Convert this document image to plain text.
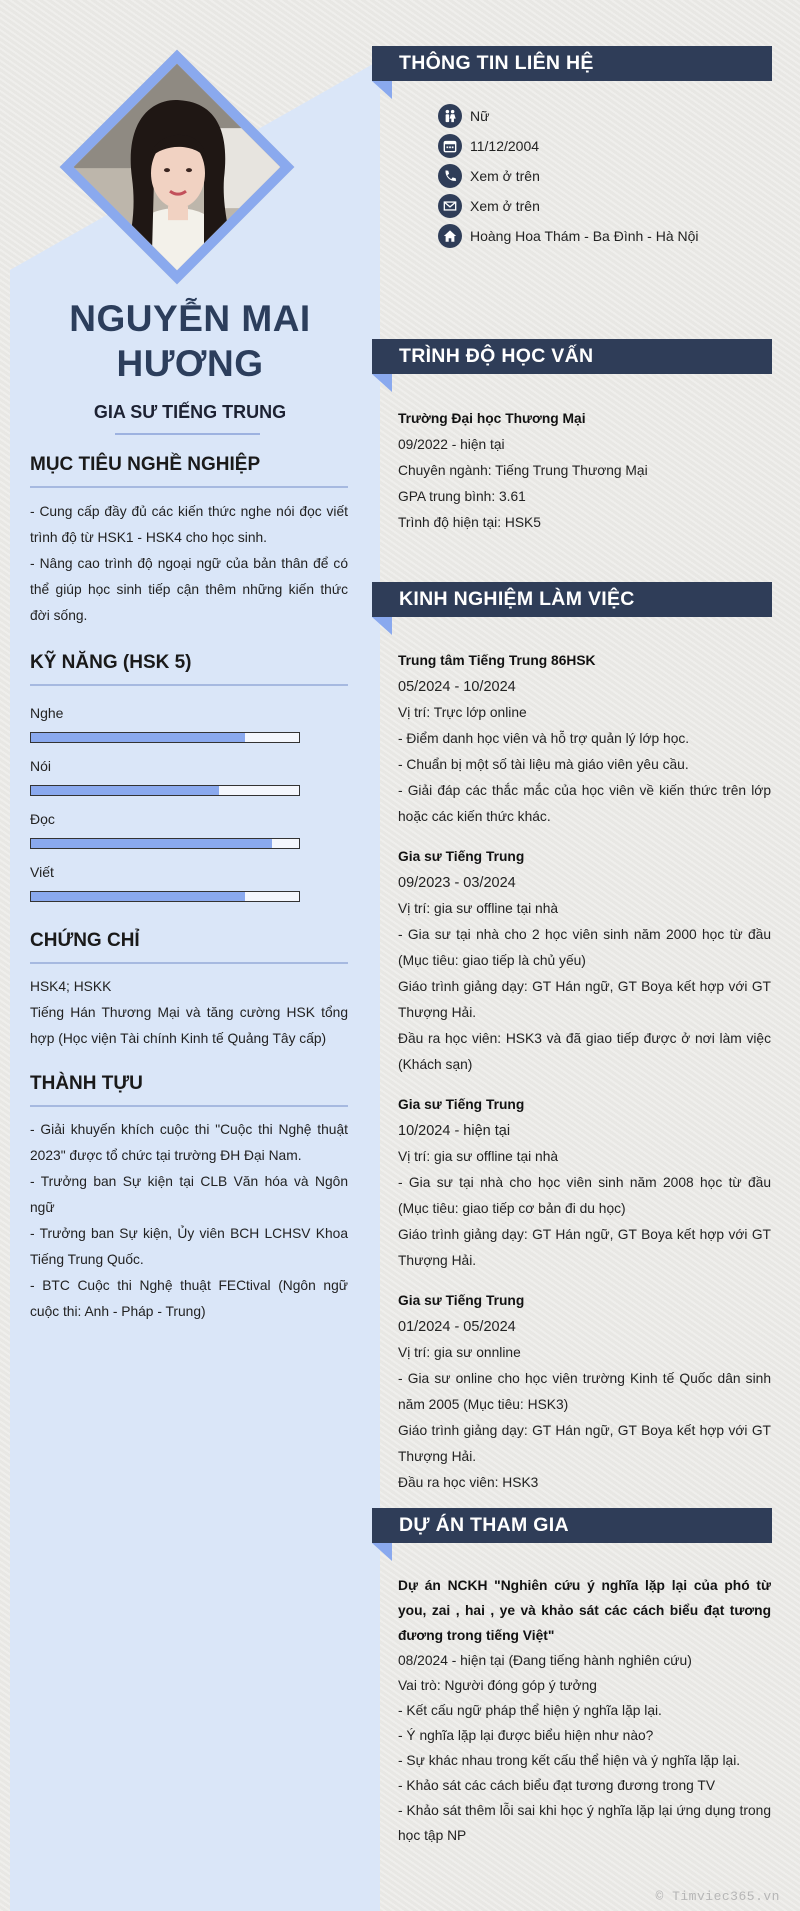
NGUYỄN MAI HƯƠNG
GIA SƯ TIẾNG TRUNG
MỤC TIÊU NGHỀ NGHIỆP

- Cung cấp đầy đủ các kiến thức nghe nói đọc viết trình độ từ HSK1 - HSK4 cho học sinh.

- Nâng cao trình độ ngoại ngữ của bản thân để có thể giúp học sinh tiếp cận thêm những kiến thức đời sống.

KỸ NĂNG (HSK 5)
Nghe
Nói
Đọc
Viết
CHỨNG CHỈ

HSK4; HSKK

Tiếng Hán Thương Mại và tăng cường HSK tổng hợp (Học viện Tài chính Kinh tế Quảng Tây cấp)

THÀNH TỰU

- Giải khuyến khích cuộc thi "Cuộc thi Nghệ thuật 2023" được tổ chức tại trường ĐH Đại Nam.

- Trưởng ban Sự kiện tại CLB Văn hóa và Ngôn ngữ

- Trưởng ban Sự kiện, Ủy viên BCH LCHSV Khoa Tiếng Trung Quốc.

- BTC Cuộc thi Nghệ thuật FECtival (Ngôn ngữ cuộc thi: Anh - Pháp - Trung)

THÔNG TIN LIÊN HỆ
Nữ
11/12/2004
Xem ở trên
Xem ở trên
Hoàng Hoa Thám - Ba Đình - Hà Nội
TRÌNH ĐỘ HỌC VẤN
Trường Đại học Thương Mại
09/2022 - hiện tại
Chuyên ngành: Tiếng Trung Thương Mại
GPA trung bình: 3.61
Trình độ hiện tại: HSK5
KINH NGHIỆM LÀM VIỆC
Trung tâm Tiếng Trung 86HSK
05/2024 - 10/2024
Vị trí: Trực lớp online
- Điểm danh học viên và hỗ trợ quản lý lớp học.
- Chuẩn bị một số tài liệu mà giáo viên yêu cầu.
- Giải đáp các thắc mắc của học viên về kiến thức trên lớp hoặc các kiến thức khác.
Gia sư Tiếng Trung
09/2023 - 03/2024
Vị trí: gia sư offline tại nhà
- Gia sư tại nhà cho 2 học viên sinh năm 2000 học từ đầu (Mục tiêu: giao tiếp là chủ yếu)
Giáo trình giảng dạy: GT Hán ngữ, GT Boya kết hợp với GT Thượng Hải.
Đầu ra học viên: HSK3 và đã giao tiếp được ở nơi làm việc (Khách sạn)
Gia sư Tiếng Trung
10/2024 - hiện tại
Vị trí: gia sư offline tại nhà
- Gia sư tại nhà cho học viên sinh năm 2008 học từ đầu (Mục tiêu: giao tiếp cơ bản đi du học)
Giáo trình giảng dạy: GT Hán ngữ, GT Boya kết hợp với GT Thượng Hải.
Gia sư Tiếng Trung
01/2024 - 05/2024
Vị trí: gia sư onnline
- Gia sư online cho học viên trường Kinh tế Quốc dân sinh năm 2005 (Mục tiêu: HSK3)
Giáo trình giảng dạy: GT Hán ngữ, GT Boya kết hợp với GT Thượng Hải.
Đầu ra học viên: HSK3
DỰ ÁN THAM GIA
Dự án NCKH "Nghiên cứu ý nghĩa lặp lại của phó từ you, zai , hai , ye và khảo sát các cách biểu đạt tương đương trong tiếng Việt"
08/2024 - hiện tại (Đang tiếng hành nghiên cứu)
Vai trò: Người đóng góp ý tưởng
- Kết cấu ngữ pháp thể hiện ý nghĩa lặp lại.
- Ý nghĩa lặp lại được biểu hiện như nào?
- Sự khác nhau trong kết cấu thể hiện và ý nghĩa lặp lại.
- Khảo sát các cách biểu đạt tương đương trong TV
- Khảo sát thêm lỗi sai khi học ý nghĩa lặp lại ứng dụng trong học tập NP
© Timviec365.vn
